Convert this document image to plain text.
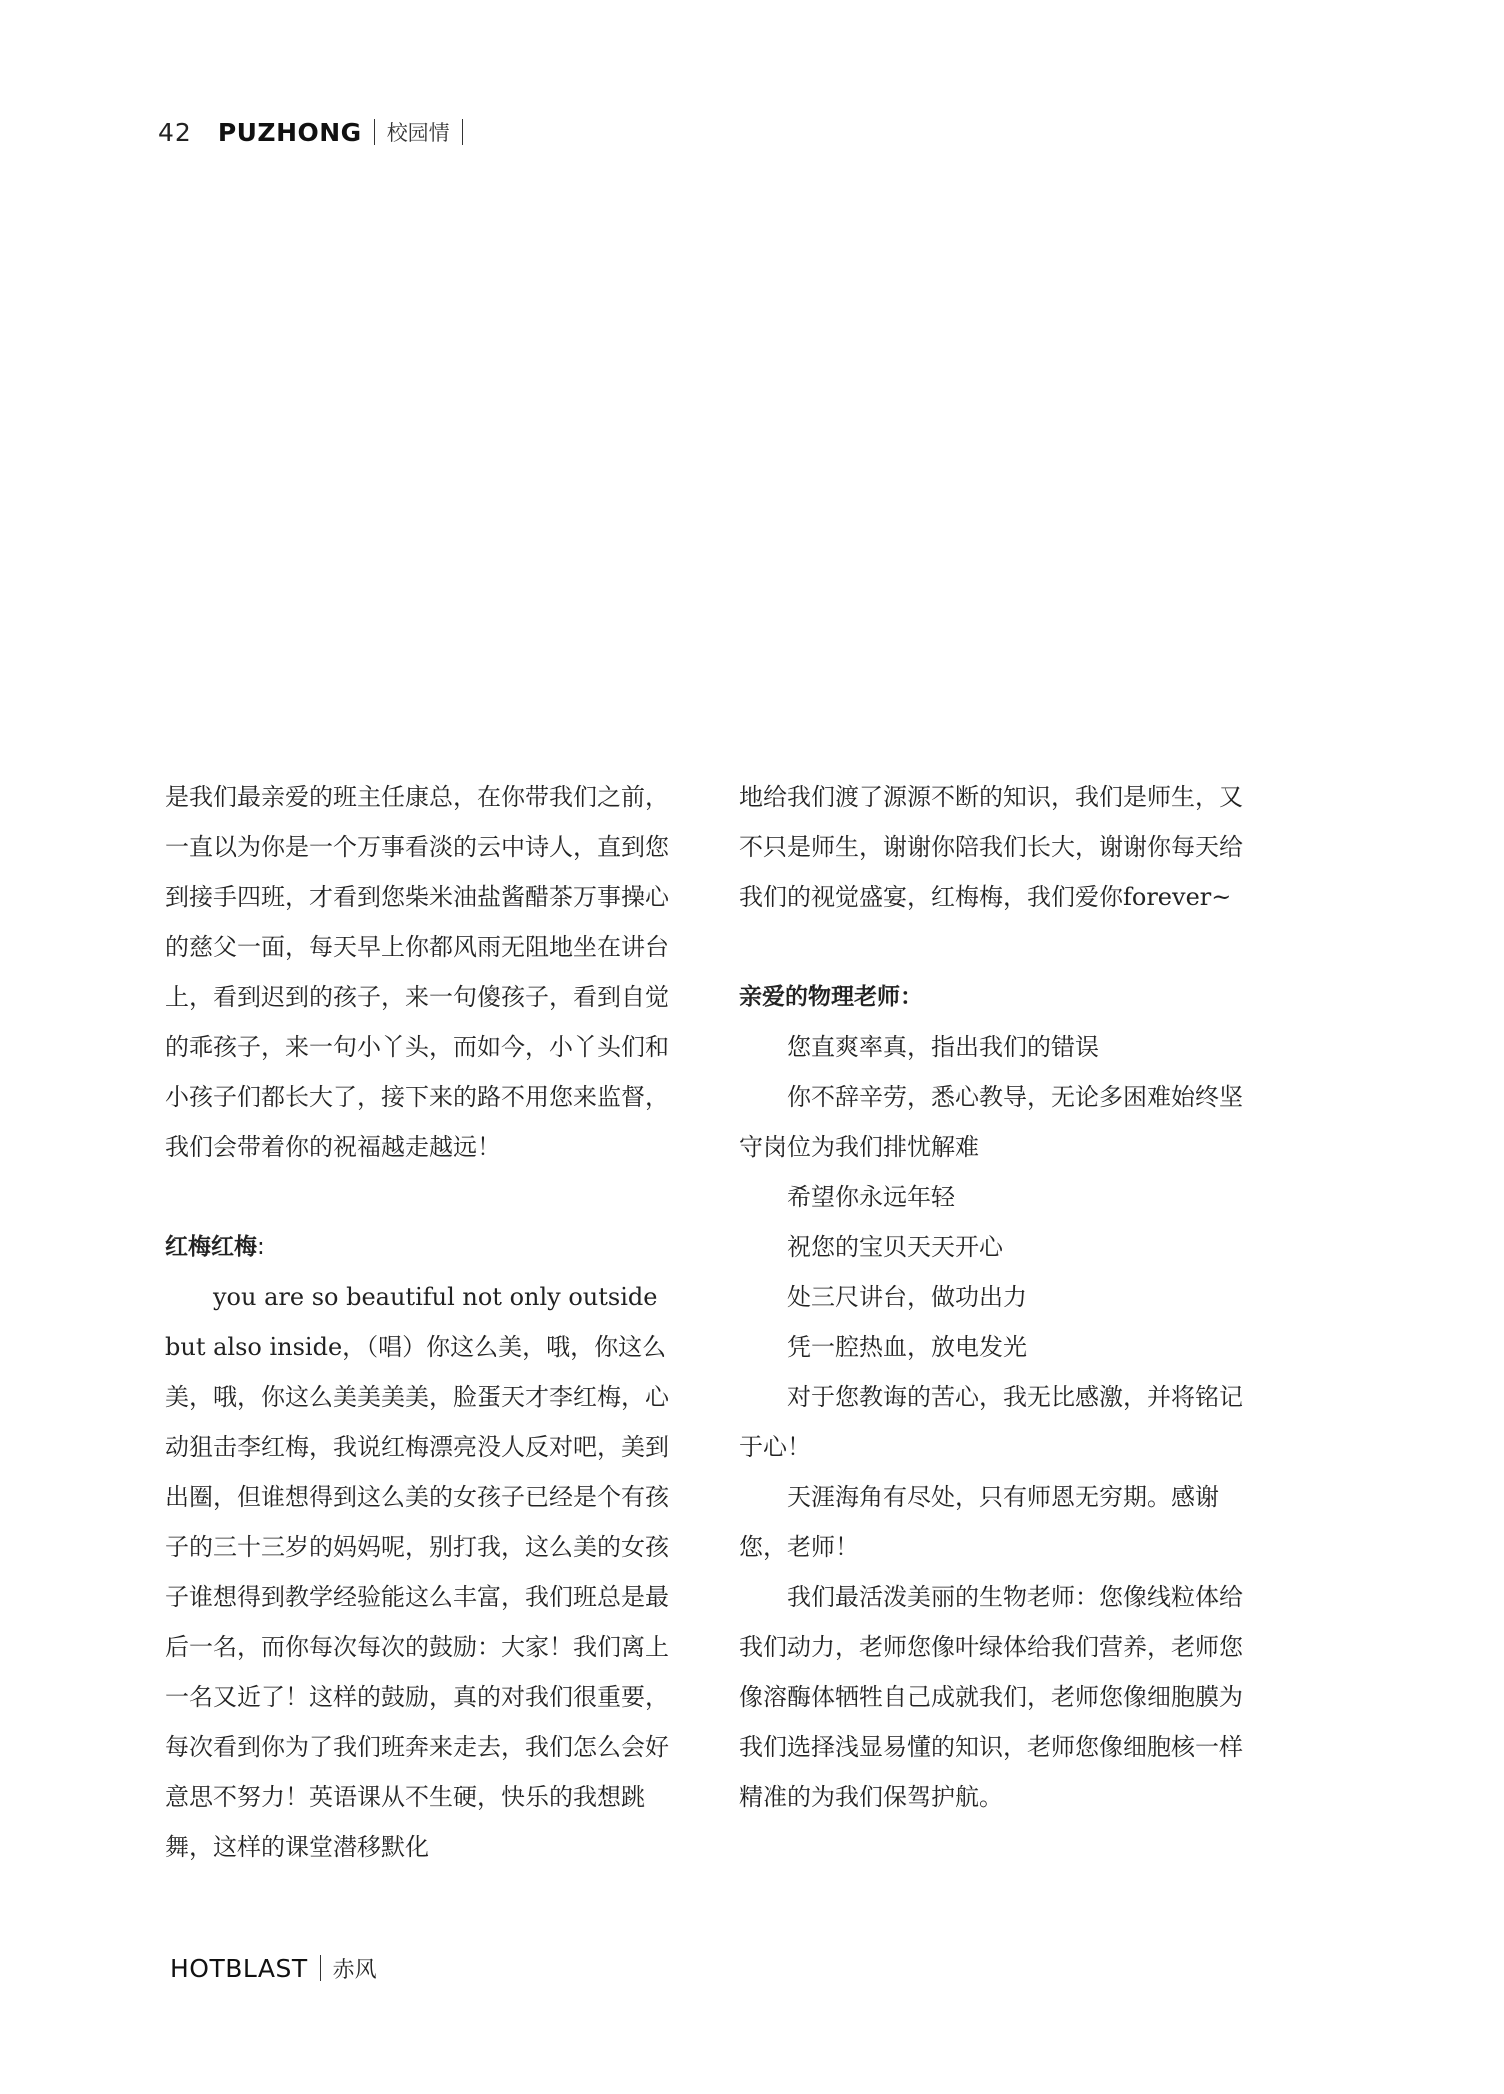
42 PUZHONG 校园情

是我们最亲爱的班主任康总，在你带我们之前，一直以为你是一个万事看淡的云中诗人，直到您到接手四班，才看到您柴米油盐酱醋茶万事操心的慈父一面，每天早上你都风雨无阻地坐在讲台上，看到迟到的孩子，来一句傻孩子，看到自觉的乖孩子，来一句小丫头，而如今，小丫头们和小孩子们都长大了，接下来的路不用您来监督，我们会带着你的祝福越走越远！

红梅红梅:

you are so beautiful not only outside but also inside，（唱）你这么美，哦，你这么美，哦，你这么美美美美，脸蛋天才李红梅，心动狙击李红梅，我说红梅漂亮没人反对吧，美到出圈，但谁想得到这么美的女孩子已经是个有孩子的三十三岁的妈妈呢，别打我，这么美的女孩子谁想得到教学经验能这么丰富，我们班总是最后一名，而你每次每次的鼓励：大家！我们离上一名又近了！这样的鼓励，真的对我们很重要，每次看到你为了我们班奔来走去，我们怎么会好意思不努力！英语课从不生硬，快乐的我想跳舞，这样的课堂潜移默化

地给我们渡了源源不断的知识，我们是师生，又不只是师生，谢谢你陪我们长大，谢谢你每天给我们的视觉盛宴，红梅梅，我们爱你forever~

亲爱的物理老师：

您直爽率真，指出我们的错误

你不辞辛劳，悉心教导，无论多困难始终坚守岗位为我们排忧解难

希望你永远年轻

祝您的宝贝天天开心

处三尺讲台，做功出力

凭一腔热血，放电发光

对于您教诲的苦心，我无比感激，并将铭记于心！

天涯海角有尽处，只有师恩无穷期。感谢您，老师！

我们最活泼美丽的生物老师：您像线粒体给我们动力，老师您像叶绿体给我们营养，老师您像溶酶体牺牲自己成就我们，老师您像细胞膜为我们选择浅显易懂的知识，老师您像细胞核一样精准的为我们保驾护航。

HOTBLAST 赤风
